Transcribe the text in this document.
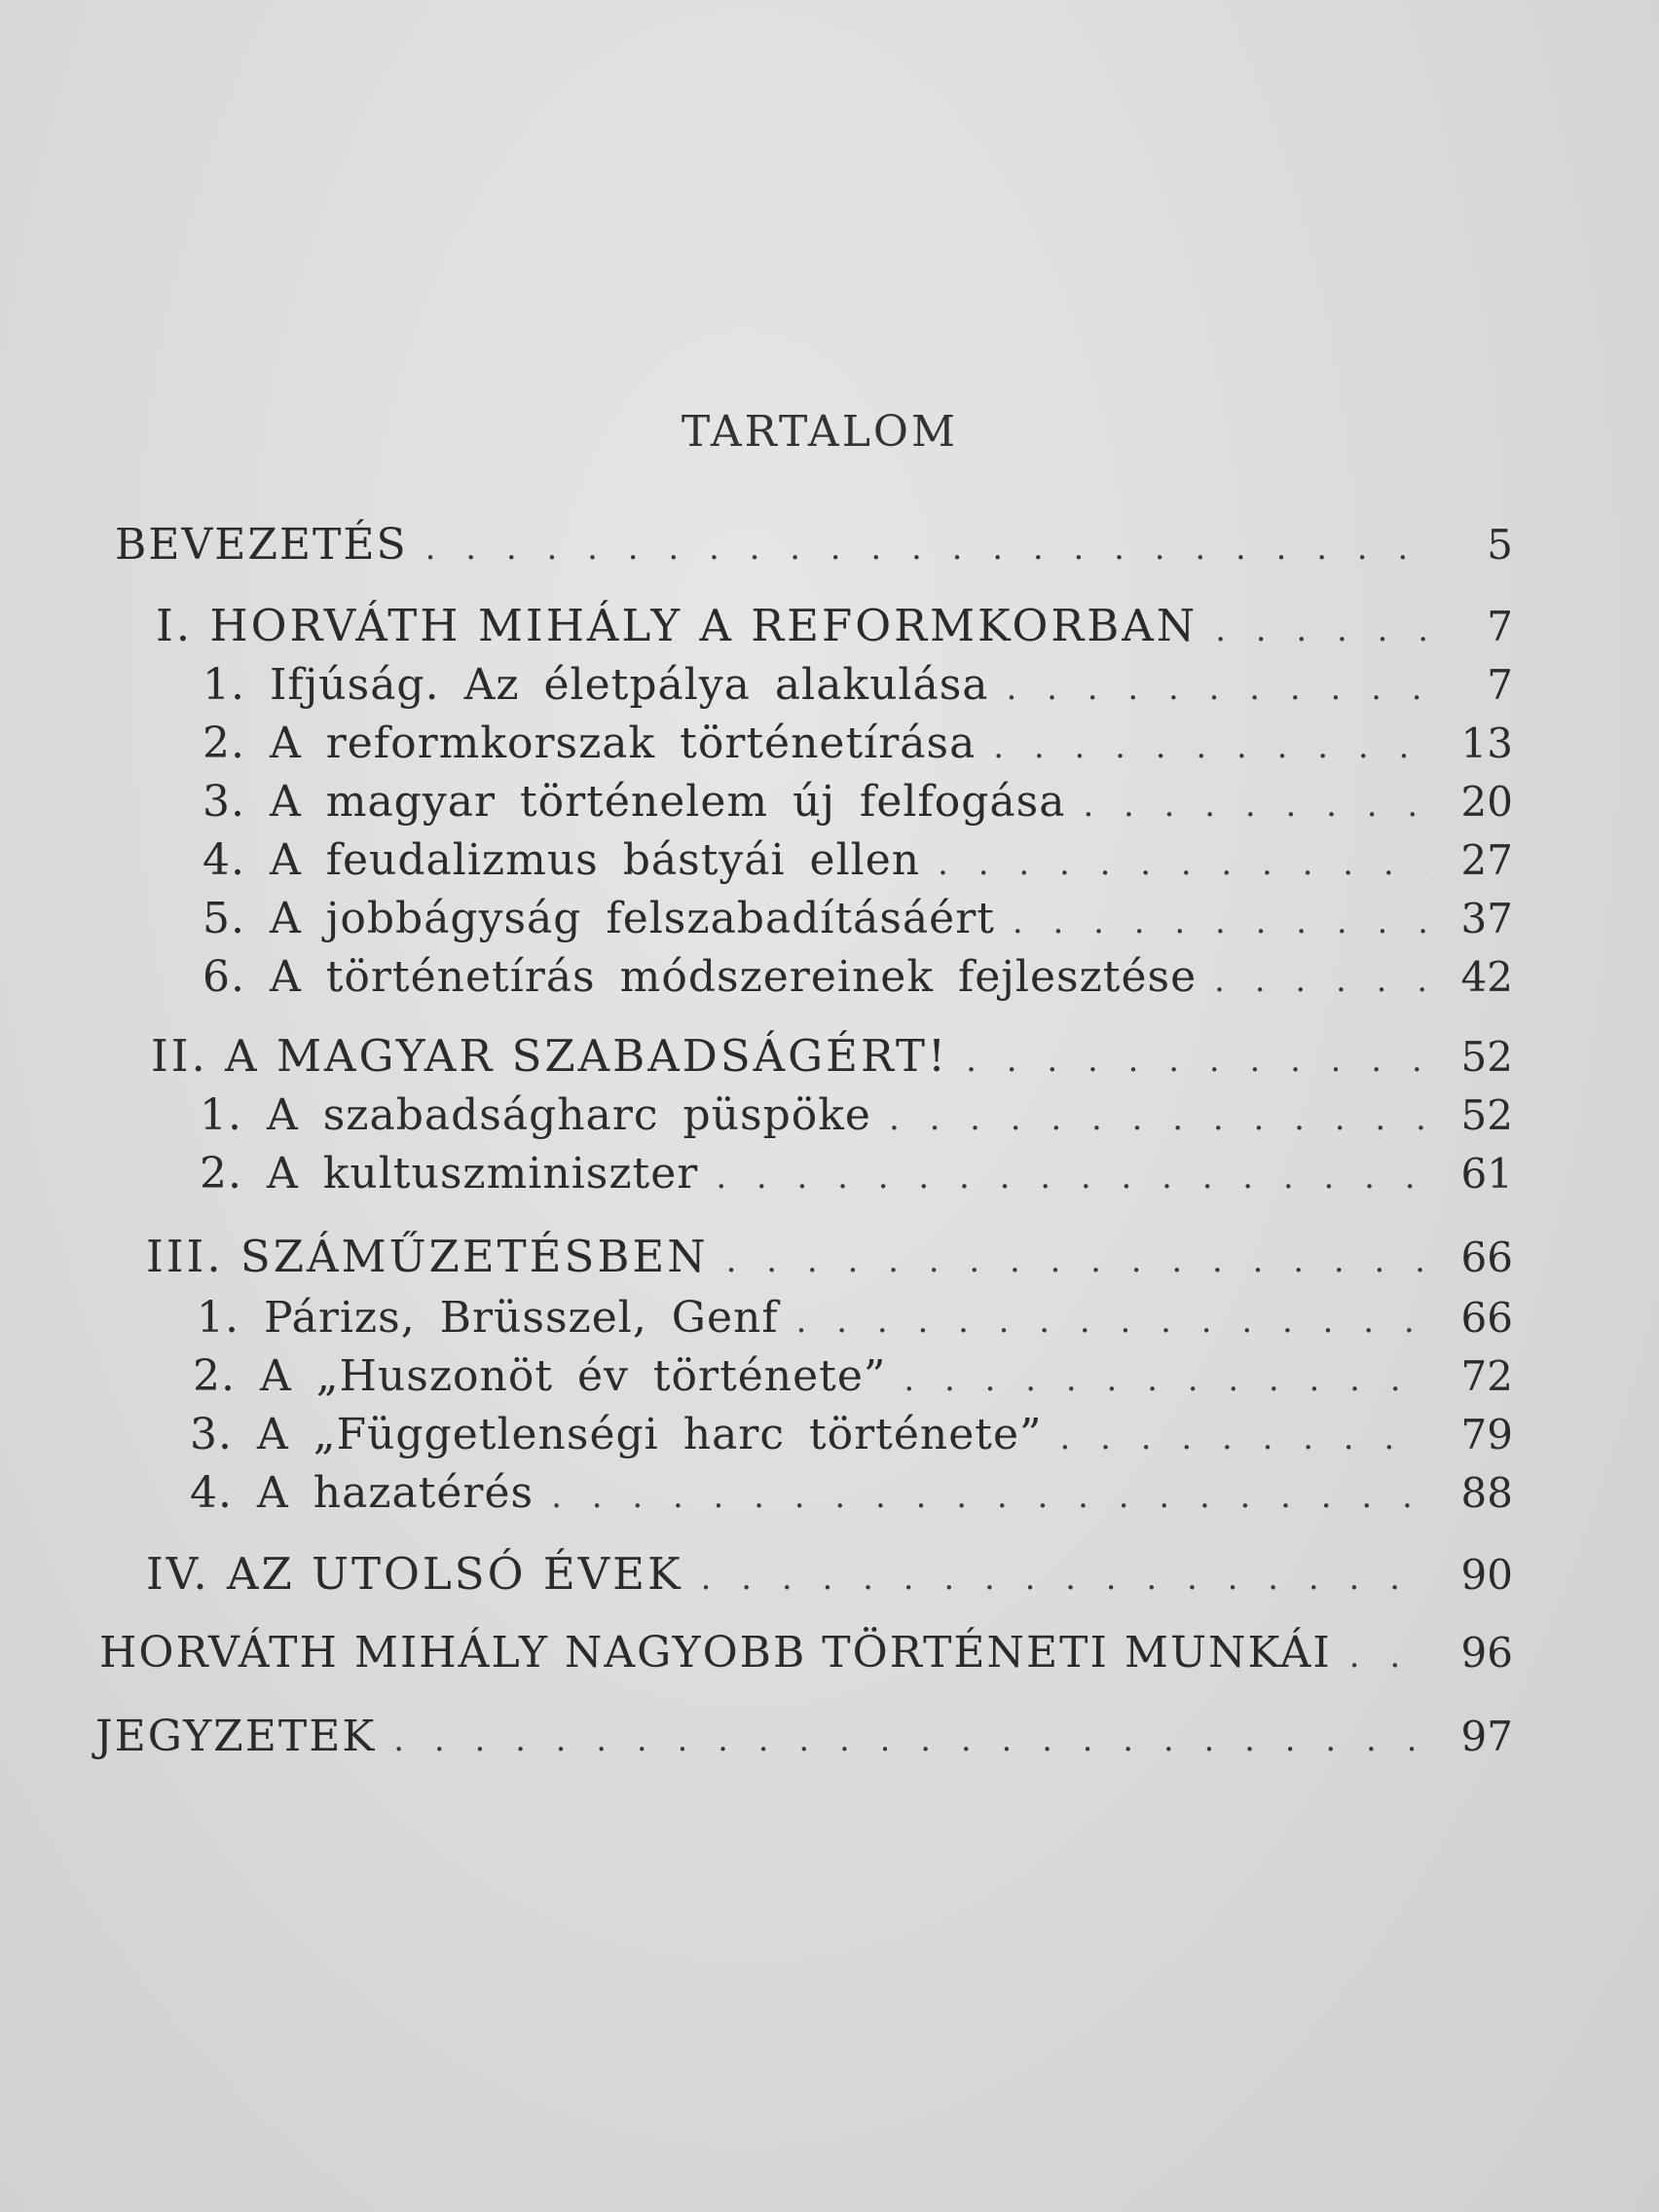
TARTALOM
BEVEZETÉS . . .	5
I. HORVÁTH MIHÁLY A REFORMKORBAN . . .	7
1. Ifjúság. Az életpálya alakulása . . .	7
2. A reformkorszak történetírása . . .	13
3. A magyar történelem új felfogása . . .	20
4. A feudalizmus bástyái ellen . . .	27
5. A jobbágyság felszabadításáért . . .	37
6. A történetírás módszereinek fejlesztése . . .	42
II. A MAGYAR SZABADSÁGÉRT! . . .	52
1. A szabadságharc püspöke . . .	52
2. A kultuszminiszter . . .	61
III. SZÁMŰZETÉSBEN . . .	66
1. Párizs, Brüsszel, Genf . . .	66
2. A „Huszonöt év története” . . .	72
3. A „Függetlenségi harc története” . . .	79
4. A hazatérés . . .	88
IV. AZ UTOLSÓ ÉVEK . . .	90
HORVÁTH MIHÁLY NAGYOBB TÖRTÉNETI MUNKÁI . . .	96
JEGYZETEK . . .	97
